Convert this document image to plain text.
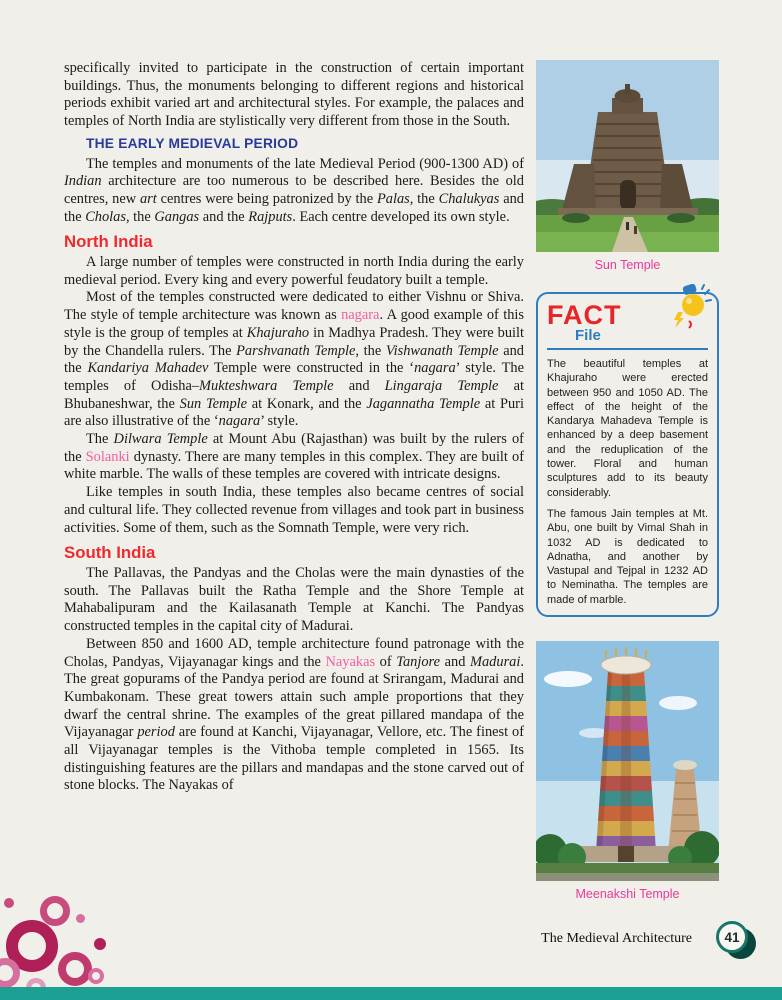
specifically invited to participate in the construction of certain important buildings. Thus, the monuments belonging to different regions and historical periods exhibit varied art and architectural styles. For example, the palaces and temples of North India are stylistically very different from those in the South.

THE EARLY MEDIEVAL PERIOD

The temples and monuments of the late Medieval Period (900-1300 AD) of Indian architecture are too numerous to be described here. Besides the old centres, new art centres were being patronized by the Palas, the Chalukyas and the Cholas, the Gangas and the Rajputs. Each centre developed its own style.

North India

A large number of temples were constructed in north India during the early medieval period. Every king and every powerful feudatory built a temple.

Most of the temples constructed were dedicated to either Vishnu or Shiva. The style of temple architecture was known as nagara. A good example of this style is the group of temples at Khajuraho in Madhya Pradesh. They were built by the Chandella rulers. The Parshvanath Temple, the Vishwanath Temple and the Kandariya Mahadev Temple were constructed in the ‘nagara’ style. The temples of Odisha–Mukteshwara Temple and Lingaraja Temple at Bhubaneshwar, the Sun Temple at Konark, and the Jagannatha Temple at Puri are also illustrative of the ‘nagara’ style.

The Dilwara Temple at Mount Abu (Rajasthan) was built by the rulers of the Solanki dynasty. There are many temples in this complex. They are built of white marble. The walls of these temples are covered with intricate designs.

Like temples in south India, these temples also became centres of social and cultural life. They collected revenue from villages and took part in business activities. Some of them, such as the Somnath Temple, were very rich.

South India

The Pallavas, the Pandyas and the Cholas were the main dynasties of the south. The Pallavas built the Ratha Temple and the Shore Temple at Mahabalipuram and the Kailasanath Temple at Kanchi. The Pandyas constructed temples in the capital city of Madurai.

Between 850 and 1600 AD, temple architecture found patronage with the Cholas, Pandyas, Vijayanagar kings and the Nayakas of Tanjore and Madurai. The great gopurams of the Pandya period are found at Srirangam, Madurai and Kumbakonam. These great towers attain such ample proportions that they dwarf the central shrine. The examples of the great pillared mandapa of the Vijayanagar period are found at Kanchi, Vijayanagar, Vellore, etc. The finest of all Vijayanagar temples is the Vithoba temple completed in 1565. Its distinguishing features are the pillars and mandapas and the stone carved out of stone blocks. The Nayakas of

Sun Temple
FACT
File

The beautiful temples at Khajuraho were erected between 950 and 1050 AD. The effect of the height of the Kandarya Mahadeva Temple is enhanced by a deep basement and the reduplication of the tower. Floral and human sculptures add to its beauty considerably.

The famous Jain temples at Mt. Abu, one built by Vimal Shah in 1032 AD is dedicated to Adnatha, and another by Vastupal and Tejpal in 1232 AD to Neminatha. The temples are made of marble.

Meenakshi Temple
The Medieval Architecture	41
